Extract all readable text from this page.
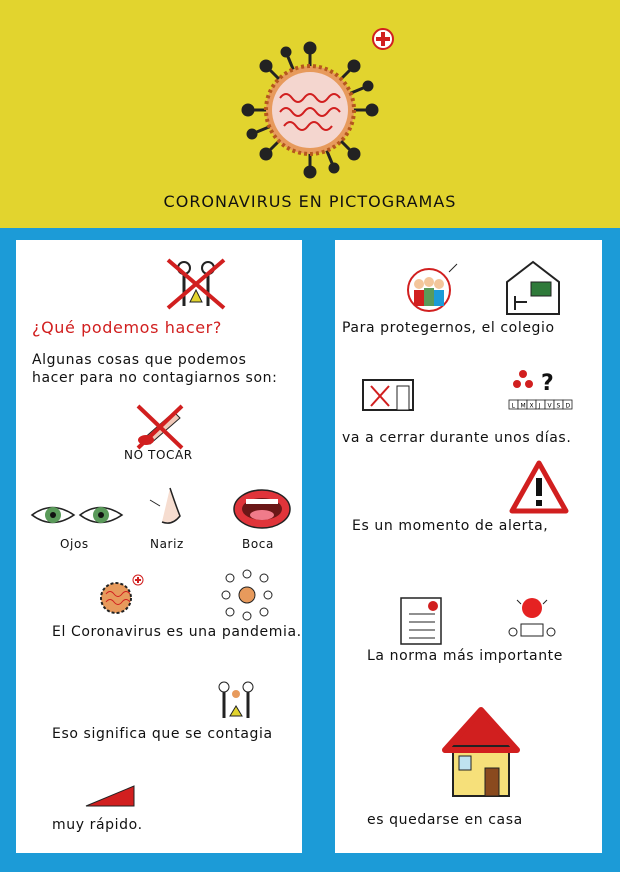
CORONAVIRUS EN PICTOGRAMAS
¿Qué podemos hacer?
Algunas cosas que podemos
hacer para no contagiarnos son:
NO TOCAR
Ojos	Nariz	Boca
El Coronavirus es una pandemia.
Eso significa que se contagia
muy rápido.
Para protegernos, el colegio
?
L M X J V S D
va a cerrar durante unos días.
Es un momento de alerta,
La norma más importante
es quedarse en casa
